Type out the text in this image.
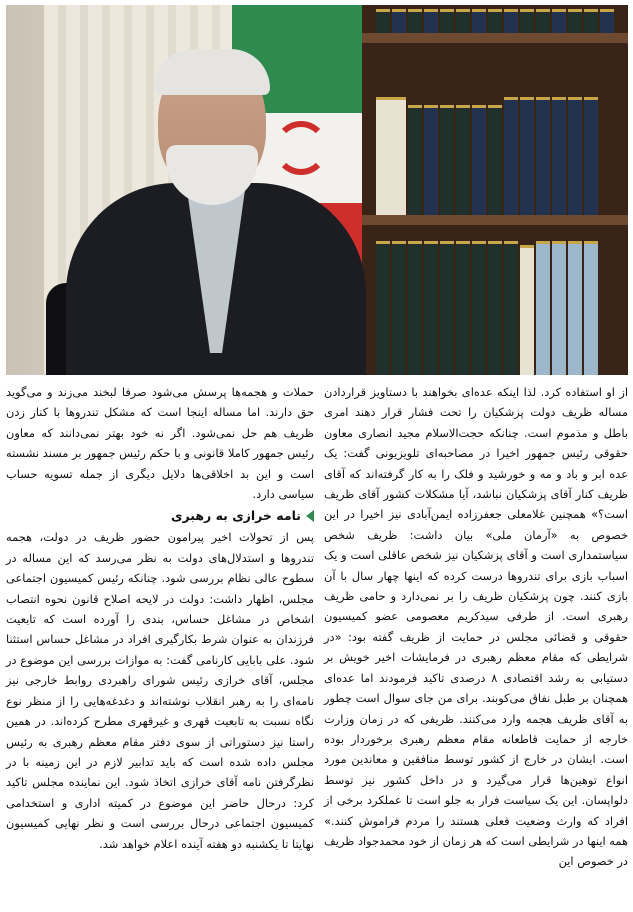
از او استفاده کرد. لذا اینکه عده‌ای بخواهند با دستاویز قراردادن مساله ظریف دولت پزشکیان را تحت فشار قرار دهند امری باطل و مذموم است. چنانکه حجت‌الاسلام مجید انصاری معاون حقوقی رئیس جمهور اخیرا در مصاحبه‌ای تلویزیونی گفت: یک عده ابر و باد و مه و خورشید و فلک را به کار گرفته‌اند که آقای ظریف کنار آقای پزشکیان نباشد، آیا مشکلات کشور آقای ظریف است؟» همچنین غلامعلی جعفرزاده ایمن‌آبادی نیز اخیرا در این خصوص به «آرمان ملی» بیان داشت: ظریف شخص سیاستمداری است و آقای پزشکیان نیز شخص عاقلی است و یک اسباب بازی برای تندروها درست کرده که اینها چهار سال با آن بازی کنند. چون پزشکیان ظریف را بر نمی‌دارد و حامی ظریف رهبری است. از طرفی سیدکریم معصومی عضو کمیسیون حقوقی و قضائی مجلس در حمایت از ظریف گفته بود: «در شرایطی که مقام معظم رهبری در فرمایشات اخیر خویش بر دستیابی به رشد اقتصادی ۸ درصدی تاکید فرمودند اما عده‌ای همچنان بر طبل نفاق می‌کوبند. برای من جای سوال است چطور به آقای ظریف هجمه وارد می‌کنند. ظریفی که در زمان وزارت خارجه از حمایت قاطعانه مقام معظم رهبری برخوردار بوده است. ایشان در خارج از کشور توسط منافقین و معاندین مورد انواع توهین‌ها قرار می‌گیرد و در داخل کشور نیز توسط دلواپسان. این یک سیاست فرار به جلو است تا عملکرد برخی از افراد که وارث وضعیت فعلی هستند را مردم فراموش کنند.» همه اینها در شرایطی است که هر زمان از خود محمدجواد ظریف در خصوص این

حملات و هجمه‌ها پرسش می‌شود صرفا لبخند می‌زند و می‌گوید حق دارند. اما مساله اینجا است که مشکل تندروها با کنار زدن ظریف هم حل نمی‌شود. اگر نه خود بهتر نمی‌دانند که معاون رئیس جمهور کاملا قانونی و با حکم رئیس جمهور بر مسند نشسته است و این بد اخلاقی‌ها دلایل دیگری از جمله تسویه حساب سیاسی دارد.

نامه خرازی به رهبری

پس از تحولات اخیر پیرامون حضور ظریف در دولت، هجمه تندروها و استدلال‌های دولت به نظر می‌رسد که این مساله در سطوح عالی نظام بررسی شود. چنانکه رئیس کمیسیون اجتماعی مجلس، اظهار داشت: دولت در لایحه اصلاح قانون نحوه انتصاب اشخاص در مشاغل حساس، بندی را آورده است که تابعیت فرزندان به عنوان شرط بکارگیری افراد در مشاغل حساس استثنا شود. علی بابایی کارنامی گفت: به موازات بررسی این موضوع در مجلس، آقای خرازی رئیس شورای راهبردی روابط خارجی نیز نامه‌ای را به رهبر انقلاب نوشته‌اند و دغدغه‌هایی را از منظر نوع نگاه نسبت به تابعیت قهری و غیرقهری مطرح کرده‌اند. در همین راستا نیز دستوراتی از سوی دفتر مقام معظم رهبری به رئیس مجلس داده شده است که باید تدابیر لازم در این زمینه با در نظرگرفتن نامه آقای خرازی اتخاذ شود. این نماینده مجلس تاکید کرد: درحال حاضر این موضوع در کمیته اداری و استخدامی کمیسیون اجتماعی درحال بررسی است و نظر نهایی کمیسیون نهایتا تا یکشنبه دو هفته آینده اعلام خواهد شد.
